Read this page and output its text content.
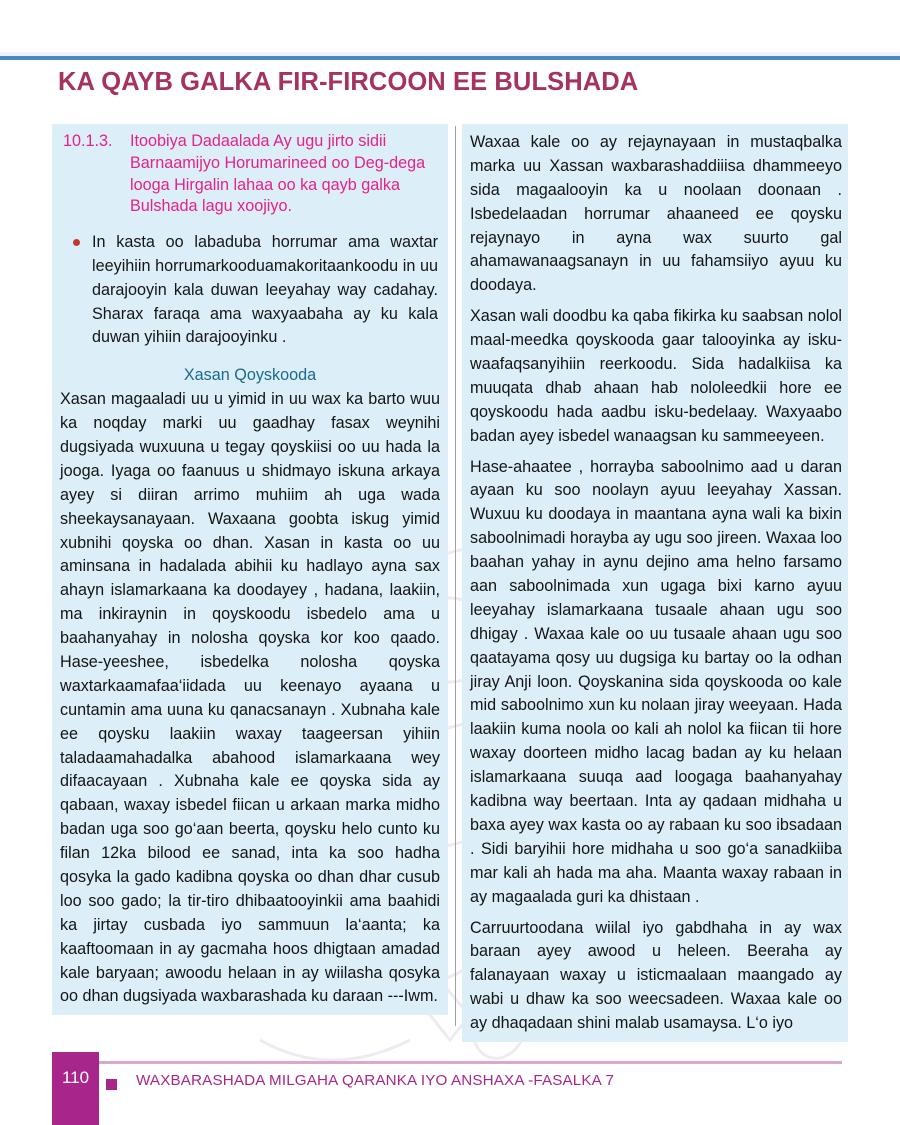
KA QAYB GALKA FIR-FIRCOON EE BULSHADA
10.1.3.	Itoobiya Dadaalada Ay ugu jirto sidii Barnaamijyo Horumarineed oo Deg-dega looga Hirgalin lahaa oo ka qayb galka Bulshada lagu xoojiyo.
In kasta oo labaduba horrumar ama waxtar leeyihiin horrumarkooduamakoritaankoodu in uu darajooyin kala duwan leeyahay way cadahay. Sharax faraqa ama waxyaabaha ay ku kala duwan yihiin darajooyinku .
Xasan Qoyskooda

Xasan magaaladi uu u yimid in uu wax ka barto wuu ka noqday marki uu gaadhay fasax weynihi dugsiyada wuxuuna u tegay qoyskiisi oo uu hada la jooga. Iyaga oo faanuus u shidmayo iskuna arkaya ayey si diiran arrimo muhiim ah uga wada sheekaysanayaan. Waxaana goobta iskug yimid xubnihi qoyska oo dhan. Xasan in kasta oo uu aminsana in hadalada abihii ku hadlayo ayna sax ahayn islamarkaana ka doodayey , hadana, laakiin, ma inkiraynin in qoyskoodu isbedelo ama u baahanyahay in nolosha qoyska kor koo qaado. Hase-yeeshee, isbedelka nolosha qoyska waxtarkaamafaa‘iidada uu keenayo ayaana u cuntamin ama uuna ku qanacsanayn . Xubnaha kale ee qoysku laakiin waxay taageersan yihiin taladaamahadalka abahood islamarkaana wey difaacayaan . Xubnaha kale ee qoyska sida ay qabaan, waxay isbedel fiican u arkaan marka midho badan uga soo go‘aan beerta, qoysku helo cunto ku filan 12ka bilood ee sanad, inta ka soo hadha qosyka la gado kadibna qoyska oo dhan dhar cusub loo soo gado; la tir-tiro dhibaatooyinkii ama baahidi ka jirtay cusbada iyo sammuun la‘aanta; ka kaaftoomaan in ay gacmaha hoos dhigtaan amadad kale baryaan; awoodu helaan in ay wiilasha qosyka oo dhan dugsiyada waxbarashada ku daraan ---Iwm.

Waxaa kale oo ay rejaynayaan in mustaqbalka marka uu Xassan waxbarashaddiiisa dhammeeyo sida magaalooyin ka u noolaan doonaan . Isbedelaadan horrumar ahaaneed ee qoysku rejaynayo in ayna wax suurto gal ahamawanaagsanayn in uu fahamsiiyo ayuu ku doodaya.

Xasan wali doodbu ka qaba fikirka ku saabsan nolol maal-meedka qoyskooda gaar talooyinka ay isku-waafaqsanyihiin reerkoodu. Sida hadalkiisa ka muuqata dhab ahaan hab nololeedkii hore ee qoyskoodu hada aadbu isku-bedelaay. Waxyaabo badan ayey isbedel wanaagsan ku sammeeyeen.

Hase-ahaatee , horrayba saboolnimo aad u daran ayaan ku soo noolayn ayuu leeyahay Xassan. Wuxuu ku doodaya in maantana ayna wali ka bixin saboolnimadi horayba ay ugu soo jireen. Waxaa loo baahan yahay in aynu dejino ama helno farsamo aan saboolnimada xun ugaga bixi karno ayuu leeyahay islamarkaana tusaale ahaan ugu soo dhigay . Waxaa kale oo uu tusaale ahaan ugu soo qaatayama qosy uu dugsiga ku bartay oo la odhan jiray Anji loon. Qoyskanina sida qoyskooda oo kale mid saboolnimo xun ku nolaan jiray weeyaan. Hada laakiin kuma noola oo kali ah nolol ka fiican tii hore waxay doorteen midho lacag badan ay ku helaan islamarkaana suuqa aad loogaga baahanyahay kadibna way beertaan. Inta ay qadaan midhaha u baxa ayey wax kasta oo ay rabaan ku soo ibsadaan . Sidi baryihii hore midhaha u soo go‘a sanadkiiba mar kali ah hada ma aha. Maanta waxay rabaan in ay magaalada guri ka dhistaan .

Carruurtoodana wiilal iyo gabdhaha in ay wax baraan ayey awood u heleen. Beeraha ay falanayaan waxay u isticmaalaan maangado ay wabi u dhaw ka soo weecsadeen. Waxaa kale oo ay dhaqadaan shini malab usamaysa. L‘o iyo

110	WAXBARASHADA MILGAHA QARANKA IYO ANSHAXA -FASALKA 7
